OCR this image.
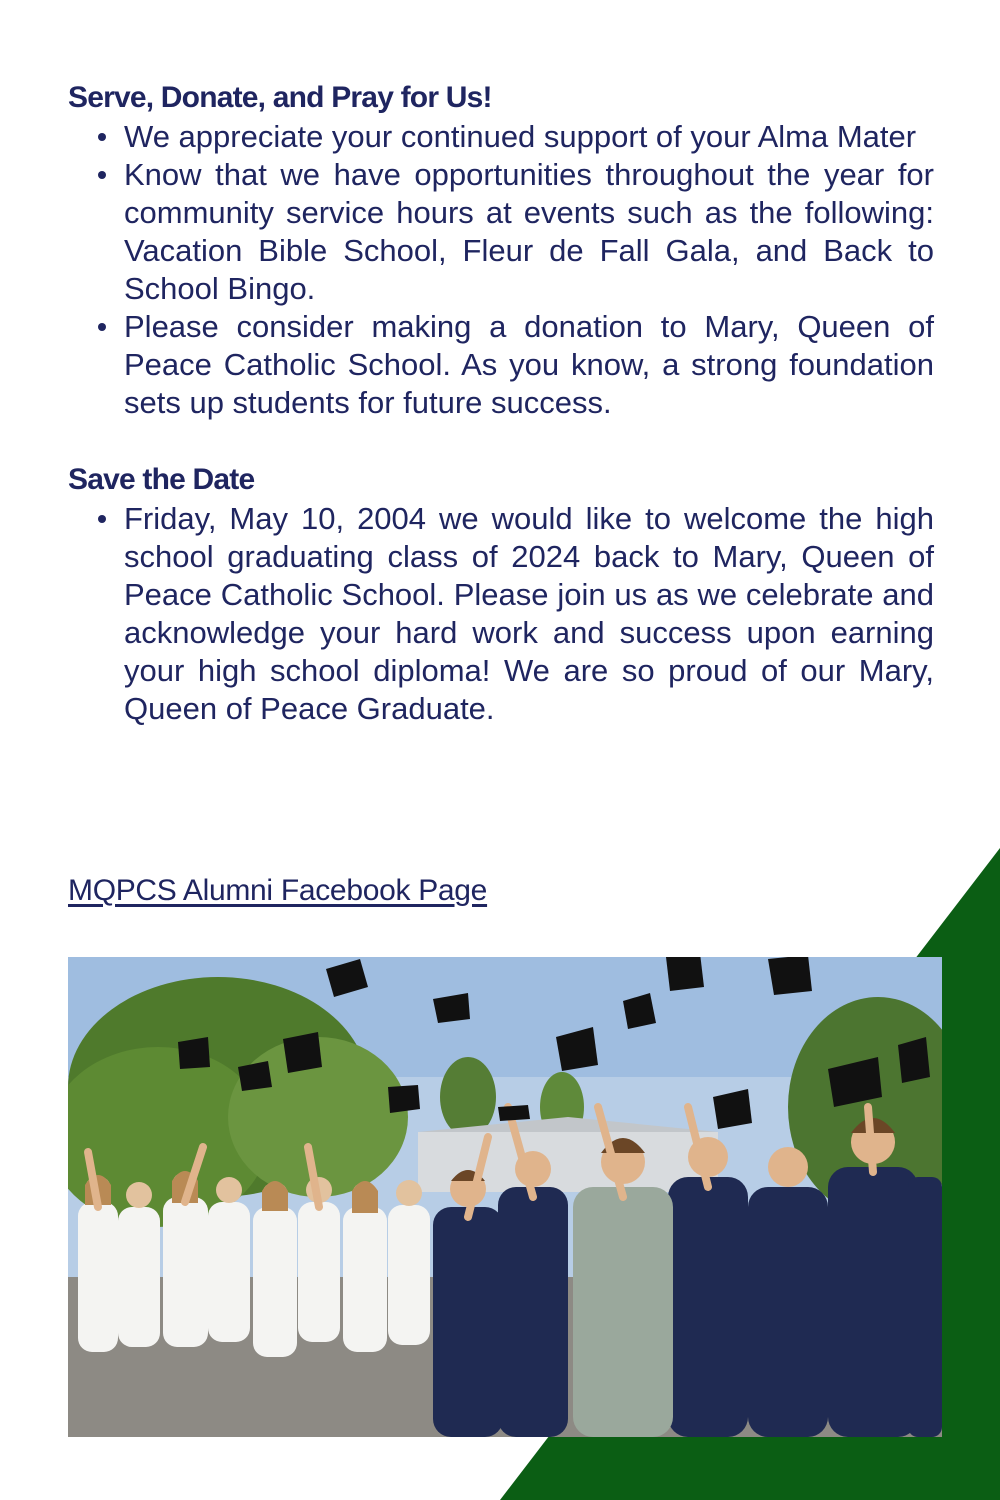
Serve, Donate, and Pray for Us!
We appreciate your continued support of your Alma Mater
Know that we have opportunities throughout the year for community service hours at events such as the following: Vacation Bible School, Fleur de Fall Gala, and Back to School Bingo.
Please consider making a donation to Mary, Queen of Peace Catholic School. As you know, a strong foundation sets up students for future success.
Save the Date
Friday, May 10, 2004 we would like to welcome the high school graduating class of 2024 back to Mary, Queen of Peace Catholic School. Please join us as we celebrate and acknowledge your hard work and success upon earning your high school diploma! We are so proud of our Mary, Queen of Peace Graduate.
MQPCS Alumni Facebook Page
